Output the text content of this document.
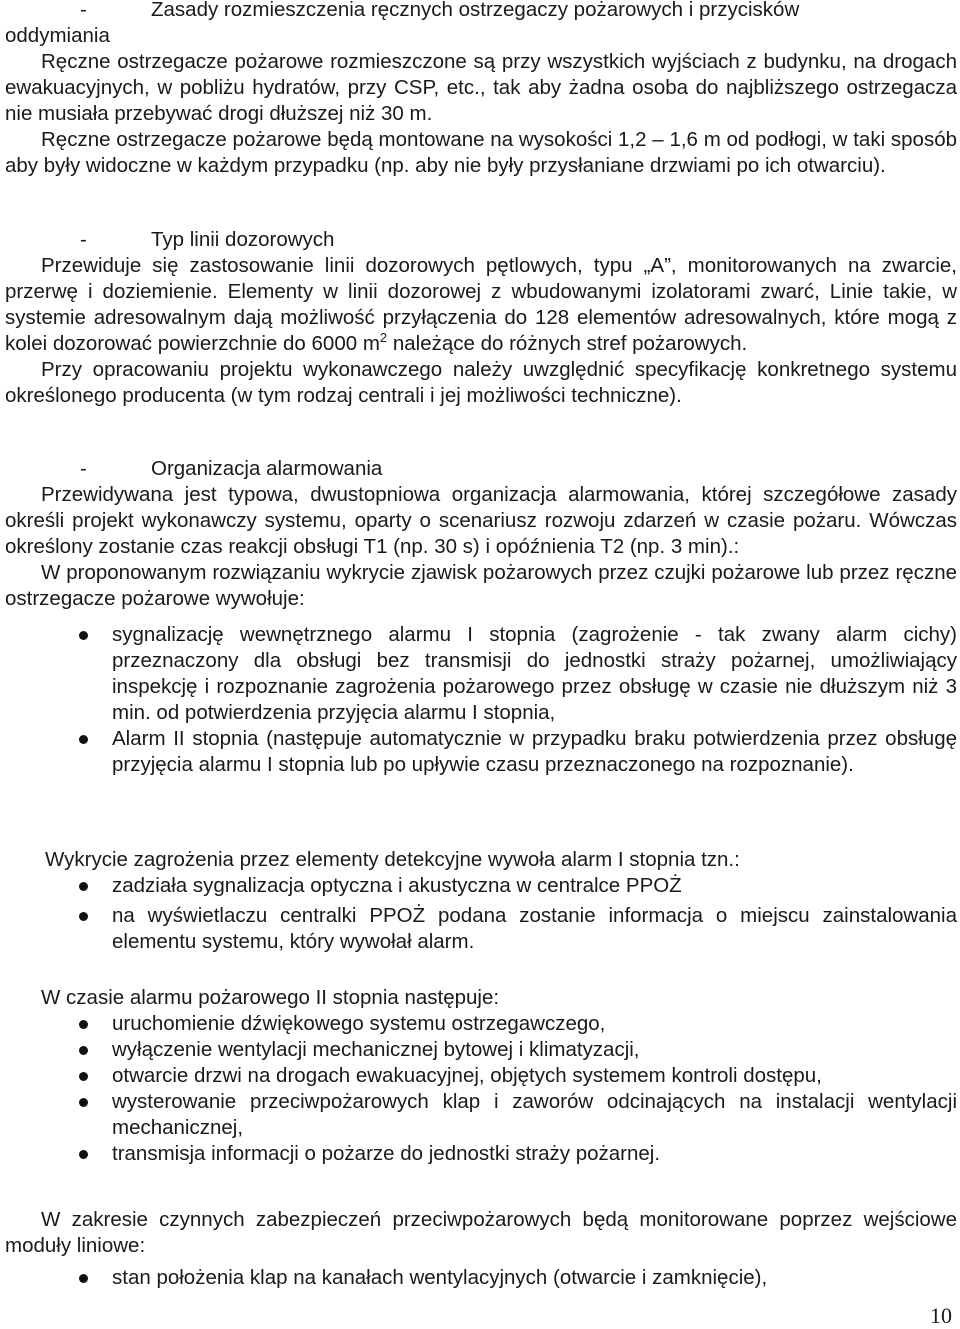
-	Zasady rozmieszczenia ręcznych ostrzegaczy pożarowych i przycisków

oddymiania

Ręczne ostrzegacze pożarowe rozmieszczone są przy wszystkich wyjściach z budynku, na drogach ewakuacyjnych, w pobliżu hydratów, przy CSP, etc., tak aby żadna osoba do najbliższego ostrzegacza nie musiała przebywać drogi dłuższej niż 30 m.

Ręczne ostrzegacze pożarowe będą montowane na wysokości 1,2 – 1,6 m od podłogi, w taki sposób aby były widoczne w każdym przypadku (np. aby nie były przysłaniane drzwiami po ich otwarciu).

-	Typ linii dozorowych

Przewiduje się zastosowanie linii dozorowych pętlowych, typu „A”, monitorowanych na zwarcie, przerwę i doziemienie. Elementy w linii dozorowej z wbudowanymi izolatorami zwarć, Linie takie, w systemie adresowalnym dają możliwość przyłączenia do 128 elementów adresowalnych, które mogą z kolei dozorować powierzchnie do 6000 $m^2$ należące do różnych stref pożarowych.

Przy opracowaniu projektu wykonawczego należy uwzględnić specyfikację konkretnego systemu określonego producenta (w tym rodzaj centrali i jej możliwości techniczne).

-	Organizacja alarmowania

Przewidywana jest typowa, dwustopniowa organizacja alarmowania, której szczegółowe zasady określi projekt wykonawczy systemu, oparty o scenariusz rozwoju zdarzeń w czasie pożaru. Wówczas określony zostanie czas reakcji obsługi T1 (np. 30 s) i opóźnienia T2 (np. 3 min).:

W proponowanym rozwiązaniu wykrycie zjawisk pożarowych przez czujki pożarowe lub przez ręczne ostrzegacze pożarowe wywołuje:

sygnalizację wewnętrznego alarmu I stopnia (zagrożenie - tak zwany alarm cichy) przeznaczony dla obsługi bez transmisji do jednostki straży pożarnej, umożliwiający inspekcję i rozpoznanie zagrożenia pożarowego przez obsługę w czasie nie dłuższym niż 3 min. od potwierdzenia przyjęcia alarmu I stopnia,
Alarm II stopnia (następuje automatycznie w przypadku braku potwierdzenia przez obsługę przyjęcia alarmu I stopnia lub po upływie czasu przeznaczonego na rozpoznanie).

Wykrycie zagrożenia przez elementy detekcyjne wywoła alarm I stopnia tzn.:

zadziała sygnalizacja optyczna i akustyczna w centralce PPOŻ
na wyświetlaczu centralki PPOŻ podana zostanie informacja o miejscu zainstalowania elementu systemu, który wywołał alarm.

W czasie alarmu pożarowego II stopnia następuje:

uruchomienie dźwiękowego systemu ostrzegawczego,
wyłączenie wentylacji mechanicznej bytowej i klimatyzacji,
otwarcie drzwi na drogach ewakuacyjnej, objętych systemem kontroli dostępu,
wysterowanie przeciwpożarowych klap i zaworów odcinających na instalacji wentylacji mechanicznej,
transmisja informacji o pożarze do jednostki straży pożarnej.

W zakresie czynnych zabezpieczeń przeciwpożarowych będą monitorowane poprzez wejściowe moduły liniowe:

stan położenia klap na kanałach wentylacyjnych (otwarcie i zamknięcie),
10
